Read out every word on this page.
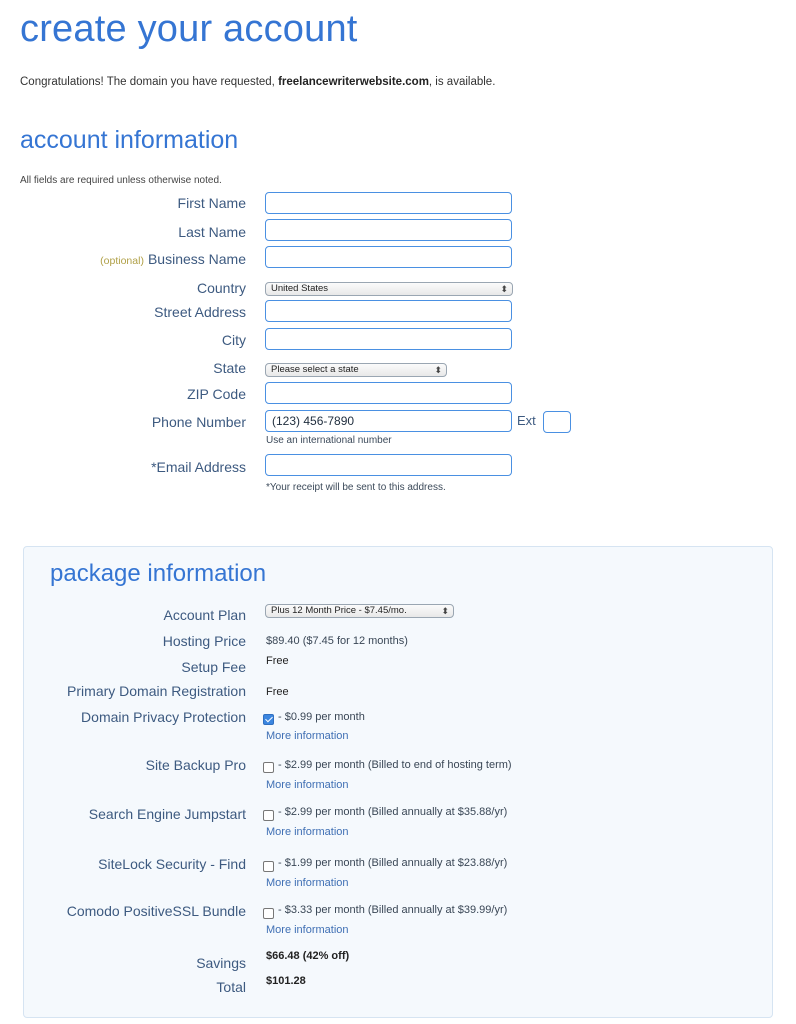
create your account
Congratulations! The domain you have requested, freelancewriterwebsite.com, is available.
account information
All fields are required unless otherwise noted.
First Name
Last Name
(optional) Business Name
Country	United States	⬍
Street Address
City
State	Please select a state	⬍
ZIP Code
Phone Number
(123) 456-7890	Ext
Use an international number
*Email Address
*Your receipt will be sent to this address.
package information
Account Plan	Plus 12 Month Price - $7.45/mo.	⬍
Hosting Price $89.40 ($7.45 for 12 months)
Setup Fee Free
Primary Domain Registration Free
Domain Privacy Protection	- $0.99 per month
More information
Site Backup Pro	- $2.99 per month (Billed to end of hosting term)
More information
Search Engine Jumpstart	- $2.99 per month (Billed annually at $35.88/yr)
More information
SiteLock Security - Find	- $1.99 per month (Billed annually at $23.88/yr)
More information
Comodo PositiveSSL Bundle	- $3.33 per month (Billed annually at $39.99/yr)
More information
Savings $66.48 (42% off)
Total $101.28
